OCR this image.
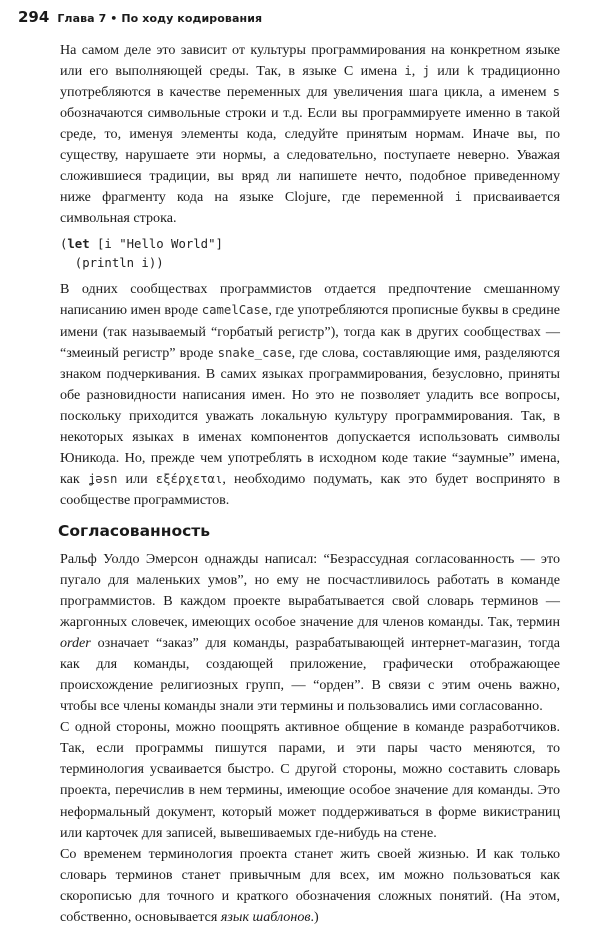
294 Глава 7 • По ходу кодирования

На самом деле это зависит от культуры программирования на конкретном языке или его выполняющей среды. Так, в языке С имена i, j или k традиционно употребляются в качестве переменных для увеличения шага цикла, а именем s обозначаются символьные строки и т.д. Если вы программируете именно в такой среде, то, именуя элементы кода, следуйте принятым нормам. Иначе вы, по существу, нарушаете эти нормы, а следовательно, поступаете неверно. Уважая сложившиеся традиции, вы вряд ли напишете нечто, подобное приведенному ниже фрагменту кода на языке Clojure, где переменной i присваивается символьная строка.

(let [i "Hello World"]
(println i))

В одних сообществах программистов отдается предпочтение смешанному написанию имен вроде camelCase, где употребляются прописные буквы в средине имени (так называемый “горбатый регистр”), тогда как в других сообществах — “змеиный регистр” вроде snake_case, где слова, составляющие имя, разделяются знаком подчеркивания. В самих языках программирования, безусловно, приняты обе разновидности написания имен. Но это не позволяет уладить все вопросы, поскольку приходится уважать локальную культуру программирования. Так, в некоторых языках в именах компонентов допускается использовать символы Юникода. Но, прежде чем употреблять в исходном коде такие “заумные” имена, как ʝəsn или εξέρχεται, необходимо подумать, как это будет воспринято в сообществе программистов.

Согласованность

Ральф Уолдо Эмерсон однажды написал: “Безрассудная согласованность — это пугало для маленьких умов”, но ему не посчастливилось работать в команде программистов. В каждом проекте вырабатывается свой словарь терминов — жаргонных словечек, имеющих особое значение для членов команды. Так, термин order означает “заказ” для команды, разрабатывающей интернет-магазин, тогда как для команды, создающей приложение, графически отображающее происхождение религиозных групп, — “орден”. В связи с этим очень важно, чтобы все члены команды знали эти термины и пользовались ими согласованно.

С одной стороны, можно поощрять активное общение в команде разработчиков. Так, если программы пишутся парами, и эти пары часто меняются, то терминология усваивается быстро. С другой стороны, можно составить словарь проекта, перечислив в нем термины, имеющие особое значение для команды. Это неформальный документ, который может поддерживаться в форме викистраниц или карточек для записей, вывешиваемых где-нибудь на стене.

Со временем терминология проекта станет жить своей жизнью. И как только словарь терминов станет привычным для всех, им можно пользоваться как скорописью для точного и краткого обозначения сложных понятий. (На этом, собственно, основывается язык шаблонов.)
